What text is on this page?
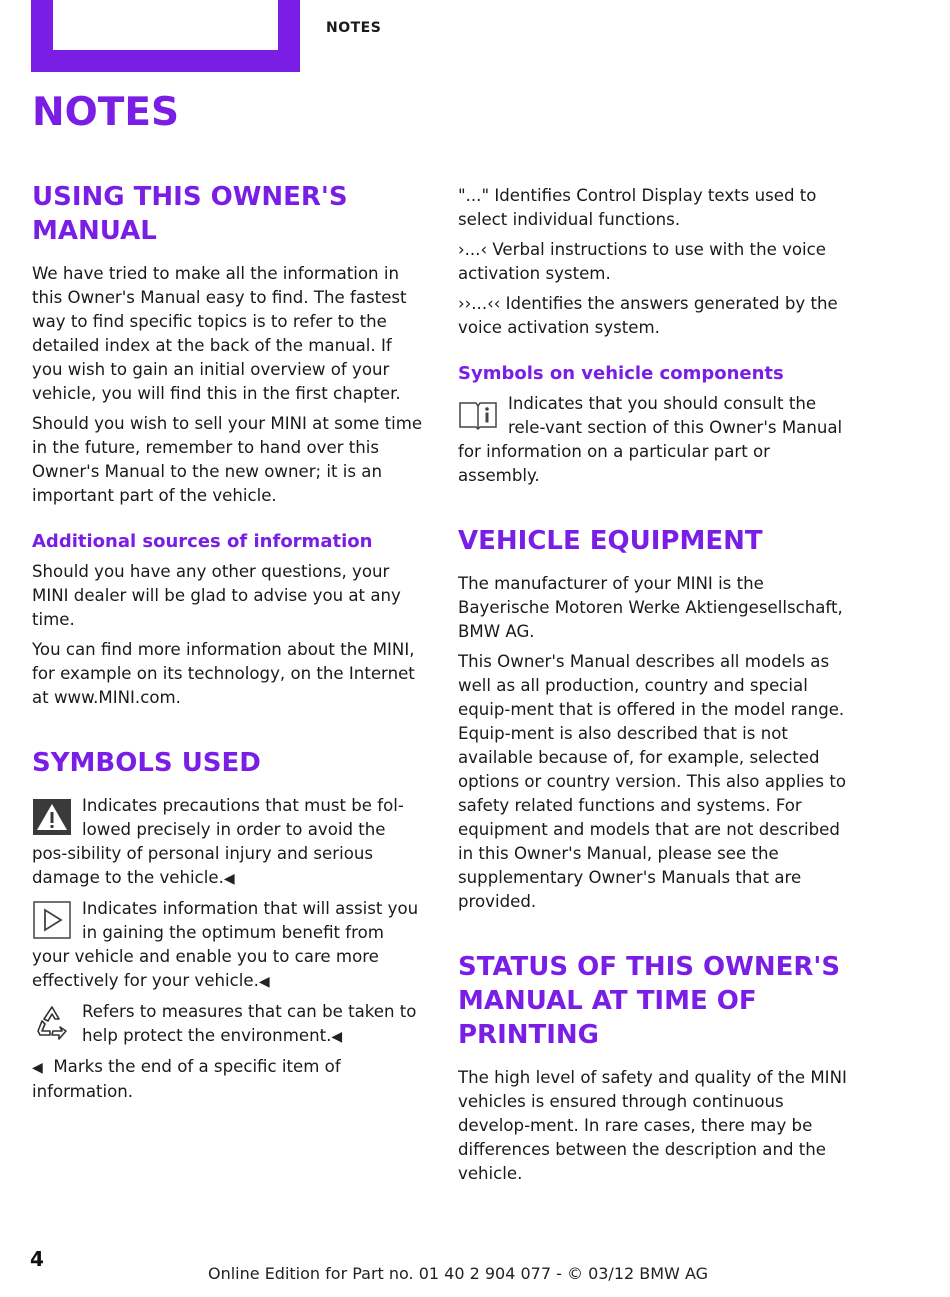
NOTES
NOTES
USING THIS OWNER'S MANUAL

We have tried to make all the information in this Owner's Manual easy to find. The fastest way to find specific topics is to refer to the detailed index at the back of the manual. If you wish to gain an initial overview of your vehicle, you will find this in the first chapter.

Should you wish to sell your MINI at some time in the future, remember to hand over this Owner's Manual to the new owner; it is an important part of the vehicle.

Additional sources of information

Should you have any other questions, your MINI dealer will be glad to advise you at any time.

You can find more information about the MINI, for example on its technology, on the Internet at www.MINI.com.

SYMBOLS USED
Indicates precautions that must be fol-lowed precisely in order to avoid the pos-sibility of personal injury and serious damage to the vehicle.◀
Indicates information that will assist you in gaining the optimum benefit from your vehicle and enable you to care more effectively for your vehicle.◀
Refers to measures that can be taken to help protect the environment.◀

◀ Marks the end of a specific item of information.

"..." Identifies Control Display texts used to select individual functions.

›...‹ Verbal instructions to use with the voice activation system.

››...‹‹ Identifies the answers generated by the voice activation system.

Symbols on vehicle components
Indicates that you should consult the rele-vant section of this Owner's Manual for information on a particular part or assembly.
VEHICLE EQUIPMENT

The manufacturer of your MINI is the Bayerische Motoren Werke Aktiengesellschaft, BMW AG.

This Owner's Manual describes all models as well as all production, country and special equip-ment that is offered in the model range. Equip-ment is also described that is not available because of, for example, selected options or country version. This also applies to safety related functions and systems. For equipment and models that are not described in this Owner's Manual, please see the supplementary Owner's Manuals that are provided.

STATUS OF THIS OWNER'S MANUAL AT TIME OF PRINTING

The high level of safety and quality of the MINI vehicles is ensured through continuous develop-ment. In rare cases, there may be differences between the description and the vehicle.

4
Online Edition for Part no. 01 40 2 904 077 - © 03/12 BMW AG
